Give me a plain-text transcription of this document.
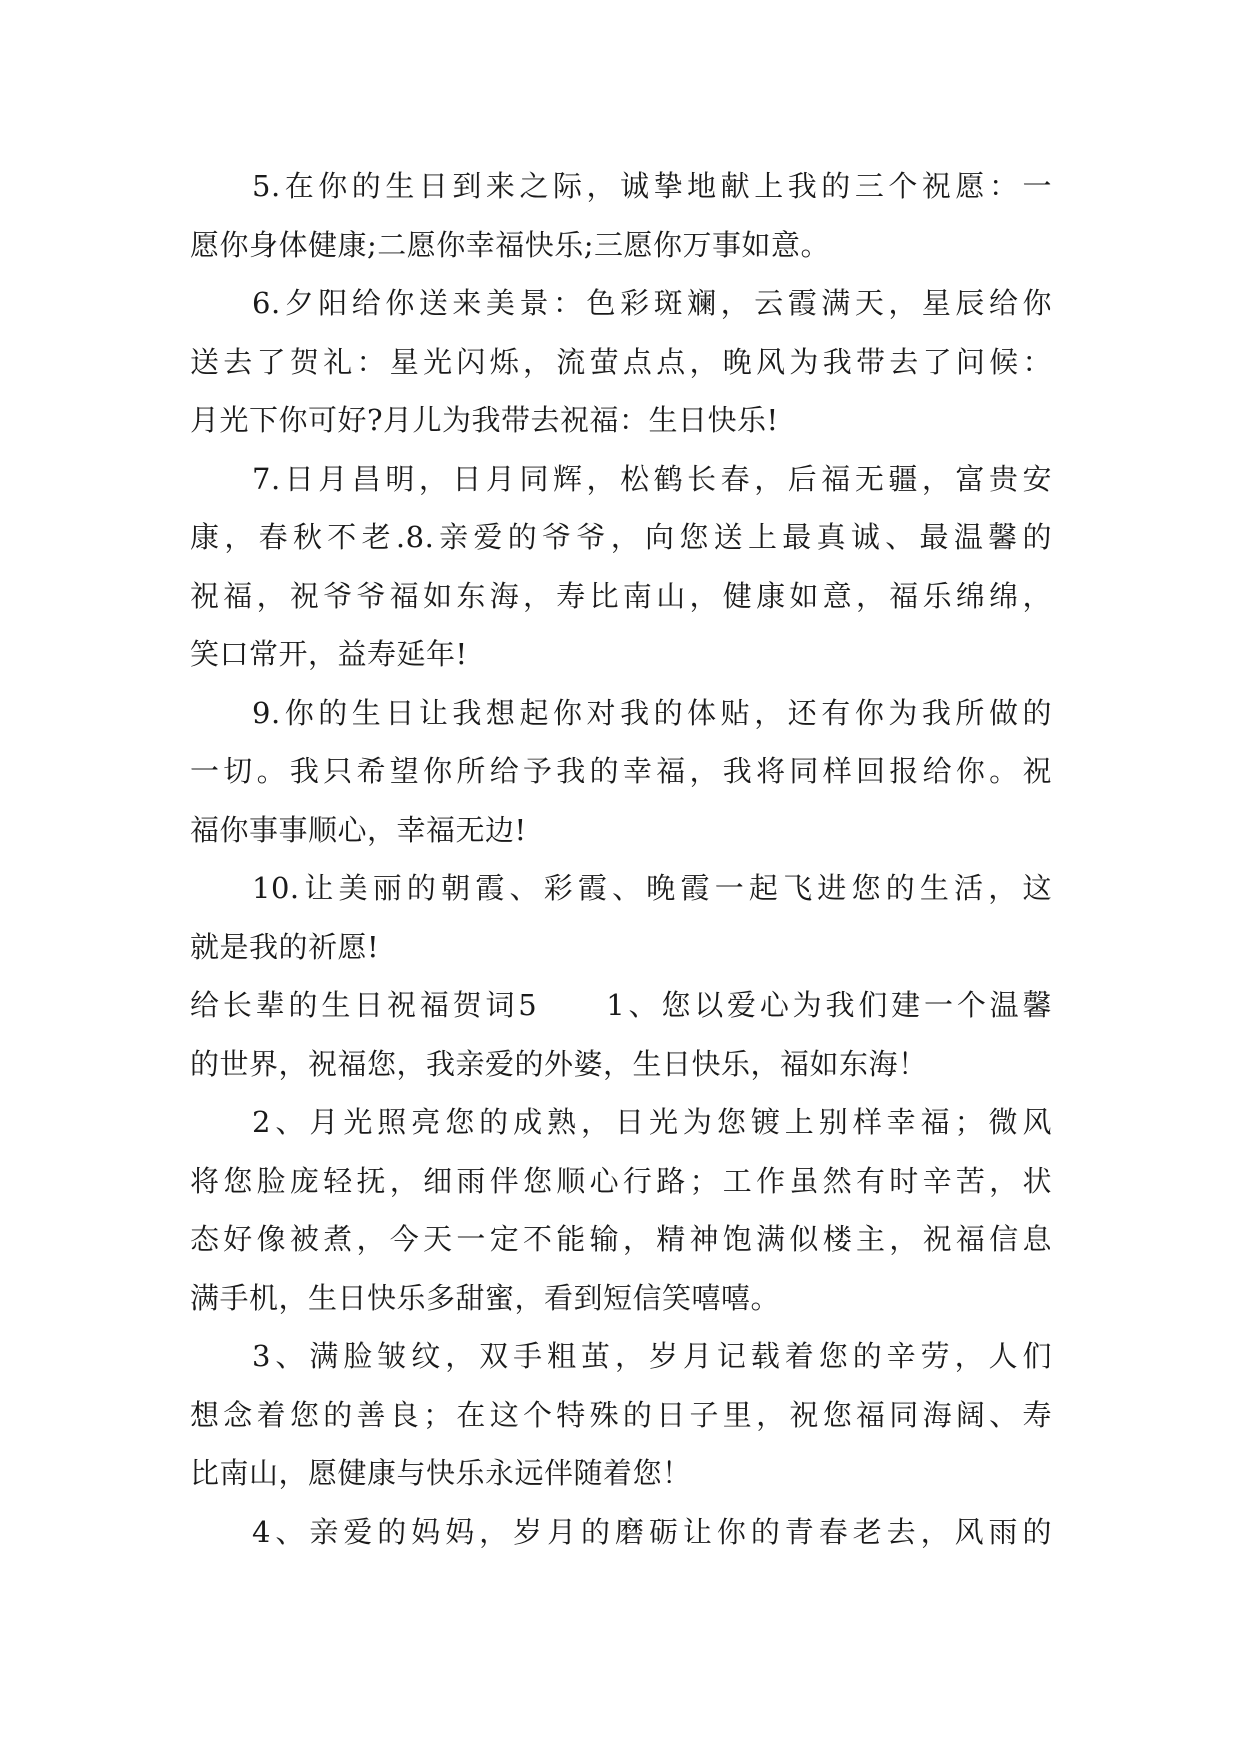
5.在你的生日到来之际，诚挚地献上我的三个祝愿：一
愿你身体健康;二愿你幸福快乐;三愿你万事如意。
6.夕阳给你送来美景：色彩斑斓，云霞满天，星辰给你
送去了贺礼：星光闪烁，流萤点点，晚风为我带去了问候：
月光下你可好?月儿为我带去祝福：生日快乐!
7.日月昌明，日月同辉，松鹤长春，后福无疆，富贵安
康，春秋不老.8.亲爱的爷爷，向您送上最真诚、最温馨的
祝福，祝爷爷福如东海，寿比南山，健康如意，福乐绵绵，
笑口常开，益寿延年!
9.你的生日让我想起你对我的体贴，还有你为我所做的
一切。我只希望你所给予我的幸福，我将同样回报给你。祝
福你事事顺心，幸福无边!
10.让美丽的朝霞、彩霞、晚霞一起飞进您的生活，这
就是我的祈愿!
给长辈的生日祝福贺词5　　1、您以爱心为我们建一个温馨
的世界，祝福您，我亲爱的外婆，生日快乐，福如东海！
2、月光照亮您的成熟，日光为您镀上别样幸福；微风
将您脸庞轻抚，细雨伴您顺心行路；工作虽然有时辛苦，状
态好像被煮，今天一定不能输，精神饱满似楼主，祝福信息
满手机，生日快乐多甜蜜，看到短信笑嘻嘻。
3、满脸皱纹，双手粗茧，岁月记载着您的辛劳，人们
想念着您的善良；在这个特殊的日子里，祝您福同海阔、寿
比南山，愿健康与快乐永远伴随着您！
4、亲爱的妈妈，岁月的磨砺让你的青春老去，风雨的
